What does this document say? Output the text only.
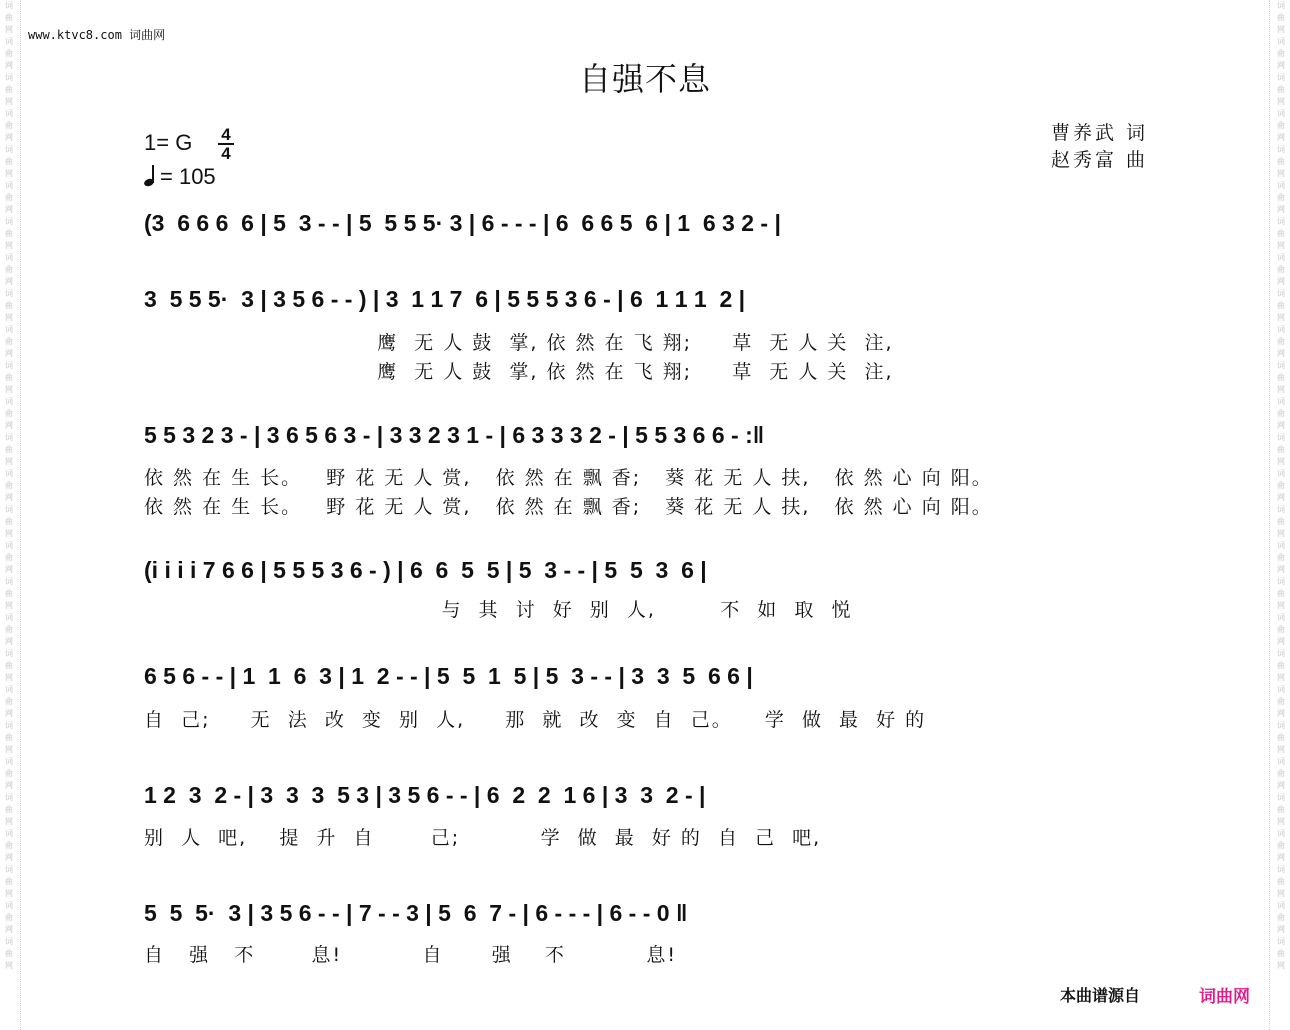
词曲网词曲网词曲网词曲网词曲网词曲网词曲网词曲网词曲网词曲网词曲网词曲网词曲网词曲网词曲网词曲网词曲网词曲网词曲网词曲网词曲网词曲网词曲网词曲网词曲网词曲网词曲网
词曲网词曲网词曲网词曲网词曲网词曲网词曲网词曲网词曲网词曲网词曲网词曲网词曲网词曲网词曲网词曲网词曲网词曲网词曲网词曲网词曲网词曲网词曲网词曲网词曲网词曲网词曲网
www.ktvc8.com 词曲网
自强不息
曹养武 词
赵秀富 曲
1= G	4
4
= 105
(3  6 6 6  6 | 5  3 - - | 5  5 5 5· 3 | 6 - - - | 6  6 6 5  6 | 1  6 3 2 - |
3  5 5 5·  3 | 3 5 6 - - ) | 3  1 1 7  6 | 5 5 5 3 6 - | 6  1 1 1  2 |
鹰  无 人 鼓  掌, 依 然 在 飞 翔;     草  无 人 关  注,
鹰  无 人 鼓  掌, 依 然 在 飞 翔;     草  无 人 关  注,
5 5 3 2 3 - | 3 6 5 6 3 - | 3 3 2 3 1 - | 6 3 3 3 2 - | 5 5 3 6 6 - :‖
依 然 在 生 长。   野 花 无 人 赏,   依 然 在 飘 香;   葵 花 无 人 扶,   依 然 心 向 阳。
依 然 在 生 长。   野 花 无 人 赏,   依 然 在 飘 香;   葵 花 无 人 扶,   依 然 心 向 阳。
(i i i i 7 6 6 | 5 5 5 3 6 - ) | 6  6  5  5 | 5  3 - - | 5  5  3  6 |
与  其  讨  好  别  人,        不  如  取  悦
6 5 6 - - | 1  1  6  3 | 1  2 - - | 5  5  1  5 | 5  3 - - | 3  3  5  6 6 |
自  己;     无  法  改  变  别  人,     那  就  改  变  自  己。    学  做  最  好 的
1 2  3  2 - | 3  3  3  5 3 | 3 5 6 - - | 6  2  2  1 6 | 3  3  2 - |
别  人  吧,    提  升  自       己;          学  做  最  好 的  自  己  吧,
5  5  5·  3 | 3 5 6 - - | 7 - - 3 | 5  6  7 - | 6 - - - | 6 - - 0 ‖
自   强   不       息!          自      强    不          息!
本曲谱源自	词曲网
